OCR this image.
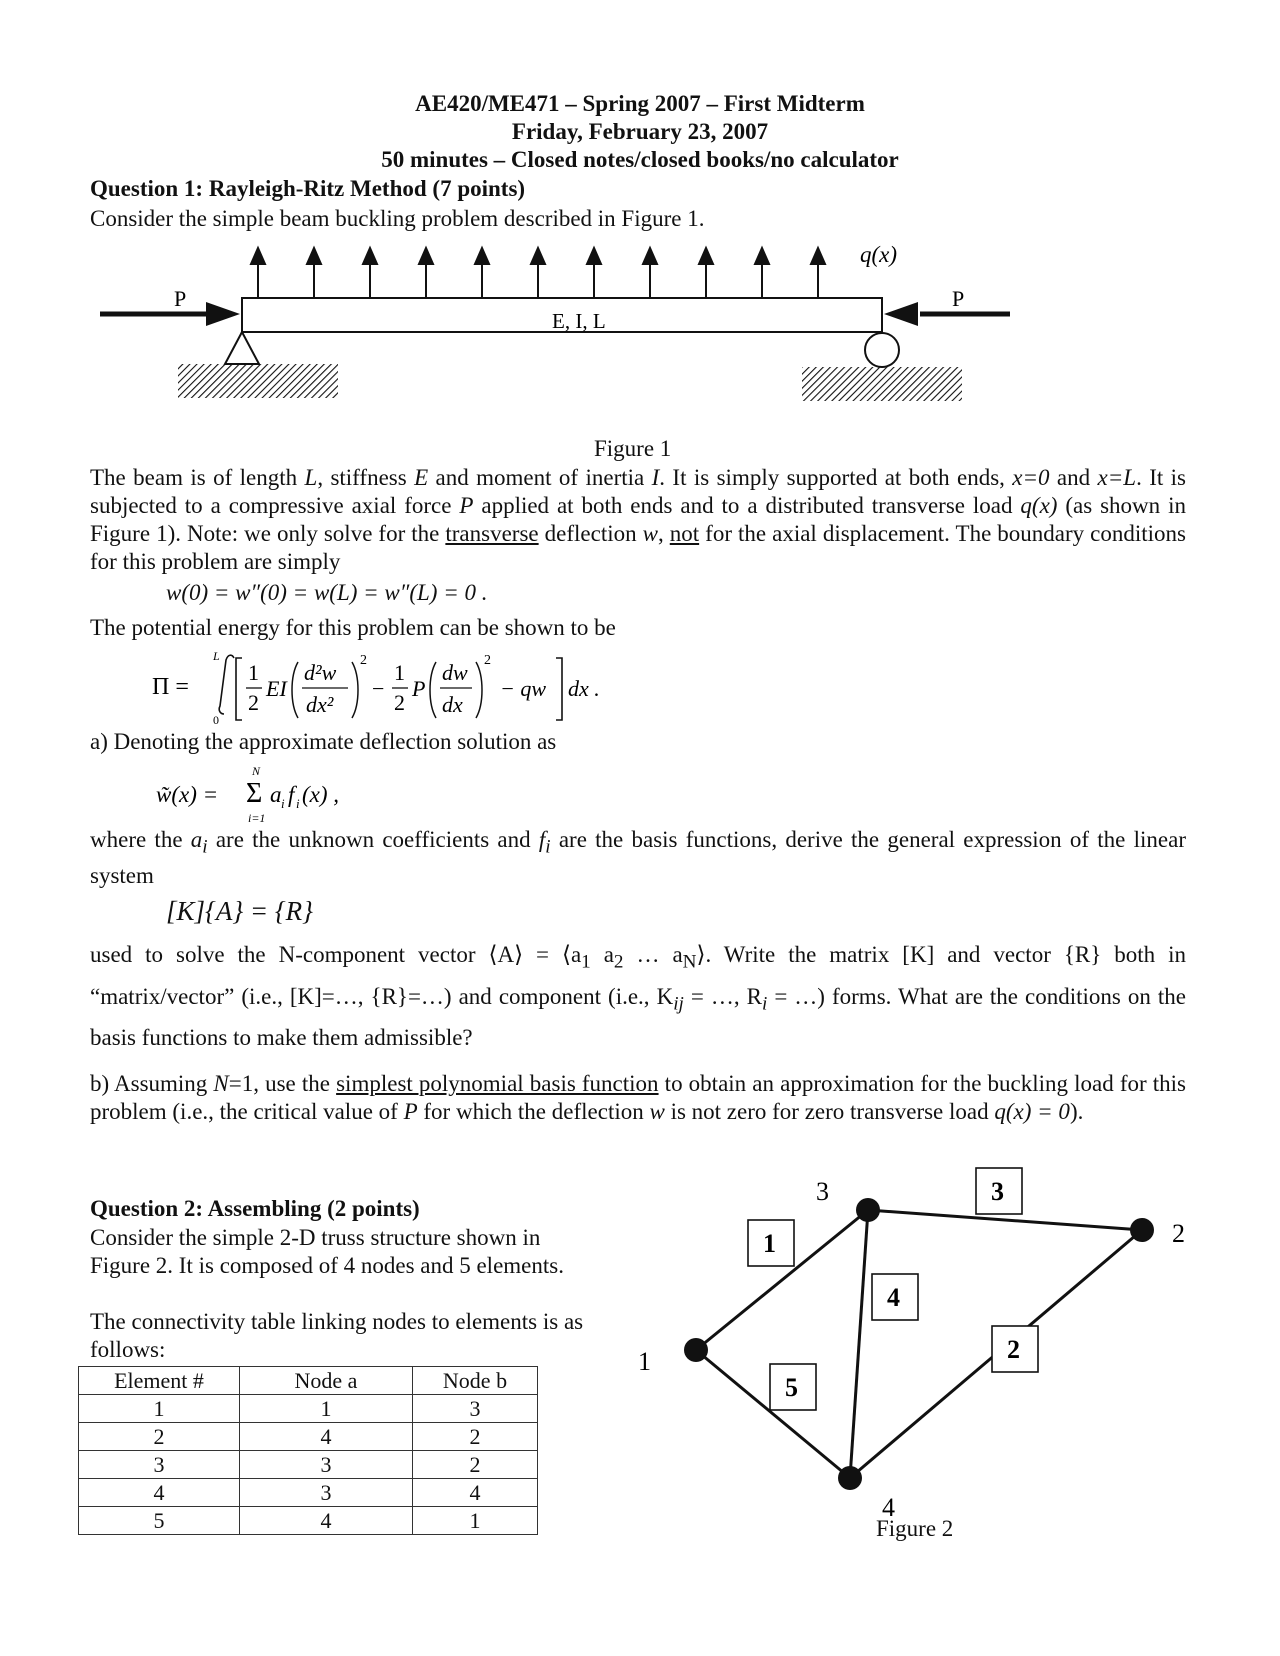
AE420/ME471 – Spring 2007 – First Midterm
Friday, February 23, 2007
50 minutes – Closed notes/closed books/no calculator
Question 1: Rayleigh-Ritz Method (7 points)
Consider the simple beam buckling problem described in Figure 1.
q(x)
E, I, L
P	P
Figure 1
The beam is of length L, stiffness E and moment of inertia I. It is simply supported at both ends, x=0 and x=L. It is subjected to a compressive axial force P applied at both ends and to a distributed transverse load q(x) (as shown in Figure 1). Note: we only solve for the transverse deflection w, not for the axial displacement. The boundary conditions for this problem are simply
w(0) = w″(0) = w(L) = w″(L) = 0 .
The potential energy for this problem can be shown to be
Π =
L
0
1
2
EI
d²w
dx²
2
−
1
2
P
dw
dx
2
− qw dx .
a) Denoting the approximate deflection solution as
w̃(x) =
N
Σ
i=1
a i f i (x) ,
where the $a_i$ are the unknown coefficients and $f_i$ are the basis functions, derive the general expression of the linear system
[K]{A} = {R}
used to solve the N-component vector ⟨A⟩ = $⟨a_1$ $a_2$ … $a_N⟩$. Write the matrix [K] and vector {R} both in “matrix/vector” (i.e., [K]=…, {R}=…) and component (i.e., $K_{ij}$ = …, $R_i$ = …) forms. What are the conditions on the basis functions to make them admissible?
b) Assuming N=1, use the simplest polynomial basis function to obtain an approximation for the buckling load for this problem (i.e., the critical value of P for which the deflection w is not zero for zero transverse load q(x) = 0).
Question 2: Assembling (2 points)
Consider the simple 2-D truss structure shown in Figure 2. It is composed of 4 nodes and 5 elements.
The connectivity table linking nodes to elements is as follows:
Element #	Node a	Node b
1	1	3
2	4	2
3	3	2
4	3	4
5	4	1
1
2
3
4
1
2
3
4
5
Figure 2
